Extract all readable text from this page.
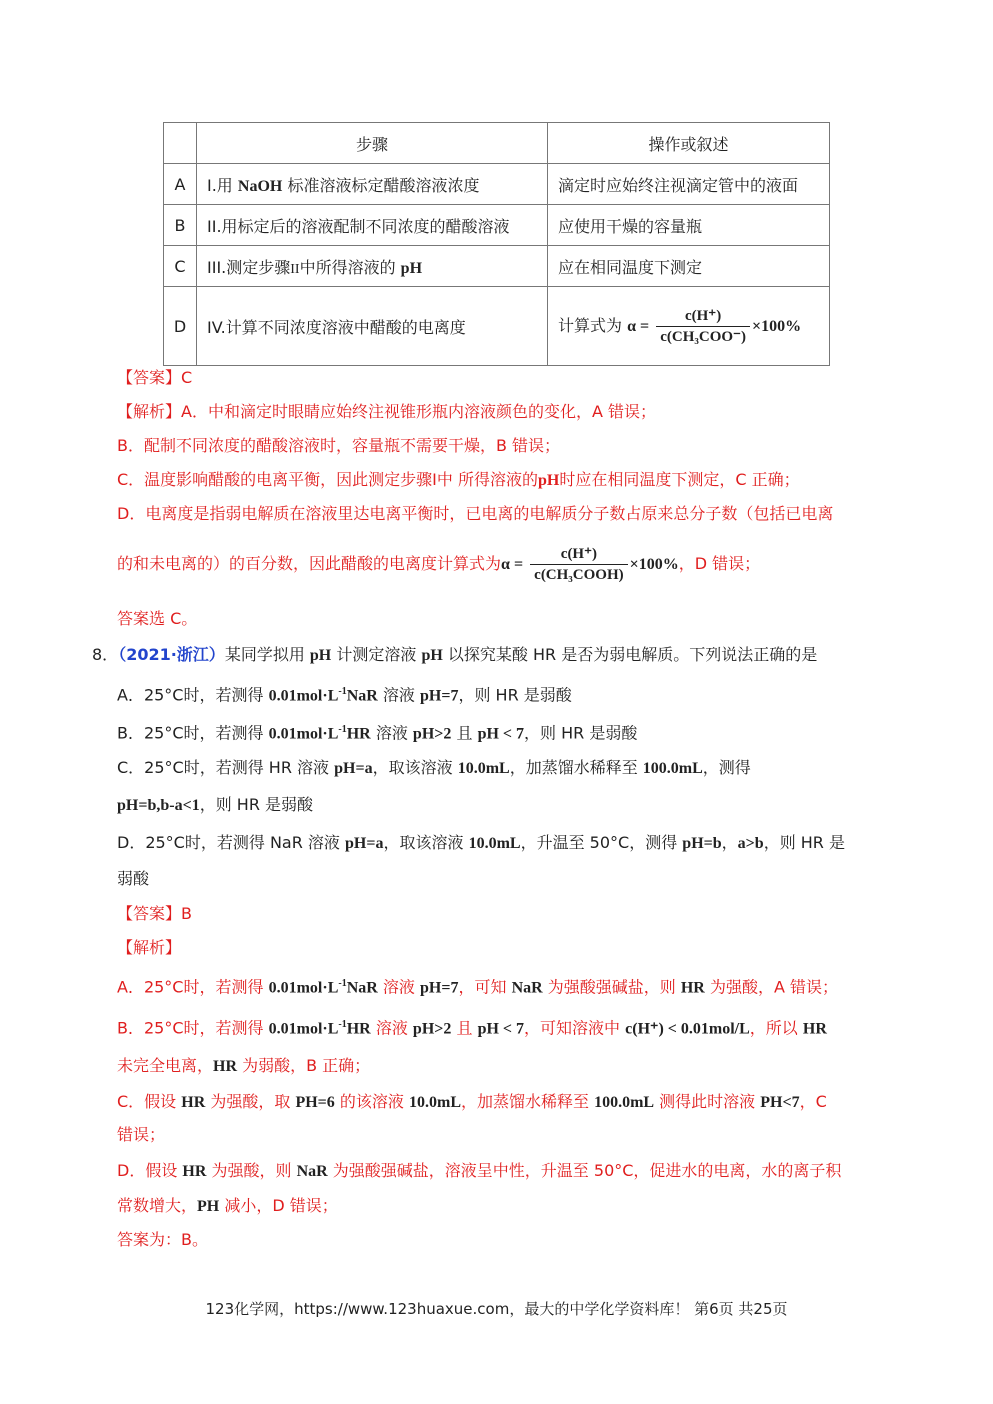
	步骤	操作或叙述
A	I.用 NaOH 标准溶液标定醋酸溶液浓度	滴定时应始终注视滴定管中的液面
B	II.用标定后的溶液配制不同浓度的醋酸溶液	应使用干燥的容量瓶
C	III.测定步骤II中所得溶液的 pH	应在相同温度下测定
D	IV.计算不同浓度溶液中醋酸的电离度	计算式为 $\alpha = \frac{c(H^+)}{\text{c(CH₃COO⁻)}} \times 100\%$
【答案】C
【解析】A．中和滴定时眼睛应始终注视锥形瓶内溶液颜色的变化，A 错误；
B．配制不同浓度的醋酸溶液时，容量瓶不需要干燥，B 错误；
C．温度影响醋酸的电离平衡，因此测定步骤I中 所得溶液的pH时应在相同温度下测定，C 正确；
D．电离度是指弱电解质在溶液里达电离平衡时，已电离的电解质分子数占原来总分子数（包括已电离
的和未电离的）的百分数，因此醋酸的电离度计算式为$\alpha = \frac{c(H^+)}{\text{c(CH₃COOH)}} \times 100\%$，D 错误；
答案选 C。
8．（2021·浙江）某同学拟用 pH 计测定溶液 pH 以探究某酸 HR 是否为弱电解质。下列说法正确的是
A．25°C时，若测得 $0.01mol\cdot L^{-1}NaR$ 溶液 pH=7，则 HR 是弱酸
B．25°C时，若测得 $0.01mol\cdot L^{-1}HR$ 溶液 pH>2 且 pH < 7，则 HR 是弱酸
C．25°C时，若测得 HR 溶液 pH=a，取该溶液 10.0mL，加蒸馏水稀释至 100.0mL，测得
pH=b,b-a<1，则 HR 是弱酸
D．25°C时，若测得 NaR 溶液 pH=a，取该溶液 10.0mL，升温至 50°C，测得 pH=b，a>b，则 HR 是
弱酸
【答案】B
【解析】
A．25°C时，若测得 $0.01mol\cdot L^{-1}NaR$ 溶液 pH=7，可知 NaR 为强酸强碱盐，则 HR 为强酸，A 错误；
B．25°C时，若测得 $0.01mol\cdot L^{-1}HR$ 溶液 pH>2 且 pH < 7，可知溶液中 c(H⁺) < 0.01mol/L，所以 HR
未完全电离，HR 为弱酸，B 正确；
C．假设 HR 为强酸，取 PH=6 的该溶液 10.0mL，加蒸馏水稀释至 100.0mL 测得此时溶液 PH<7，C
错误；
D．假设 HR 为强酸，则 NaR 为强酸强碱盐，溶液呈中性，升温至 50°C，促进水的电离，水的离子积
常数增大，PH 减小，D 错误；
答案为：B。
123化学网，https://www.123huaxue.com，最大的中学化学资料库！ 第6页 共25页
